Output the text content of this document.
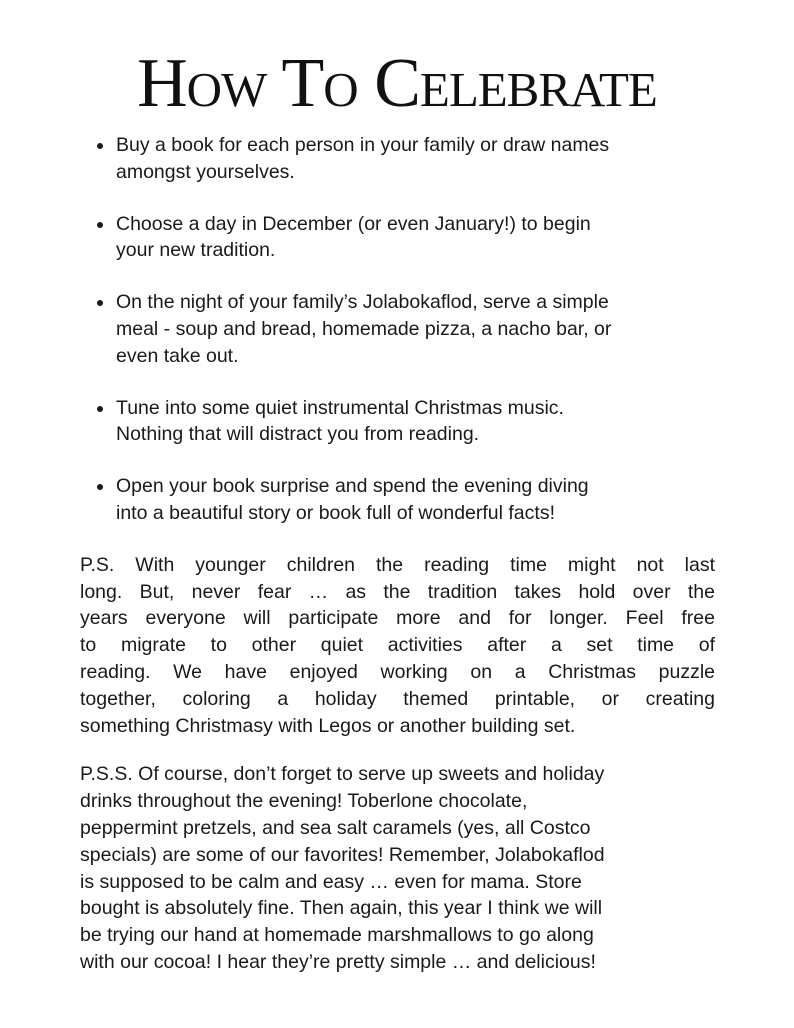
How To Celebrate
Buy a book for each person in your family or draw names
amongst yourselves.
Choose a day in December (or even January!) to begin
your new tradition.
On the night of your family’s Jolabokaflod, serve a simple
meal - soup and bread, homemade pizza, a nacho bar, or
even take out.
Tune into some quiet instrumental Christmas music.
Nothing that will distract you from reading.
Open your book surprise and spend the evening diving
into a beautiful story or book full of wonderful facts!
P.S. With younger children the reading time might not last
long. But, never fear … as the tradition takes hold over the
years everyone will participate more and for longer. Feel free
to migrate to other quiet activities after a set time of
reading. We have enjoyed working on a Christmas puzzle
together, coloring a holiday themed printable, or creating
something Christmasy with Legos or another building set.
P.S.S. Of course, don’t forget to serve up sweets and holiday
drinks throughout the evening! Toberlone chocolate,
peppermint pretzels, and sea salt caramels (yes, all Costco
specials) are some of our favorites! Remember, Jolabokaflod
is supposed to be calm and easy … even for mama. Store
bought is absolutely fine. Then again, this year I think we will
be trying our hand at homemade marshmallows to go along
with our cocoa! I hear they’re pretty simple … and delicious!
